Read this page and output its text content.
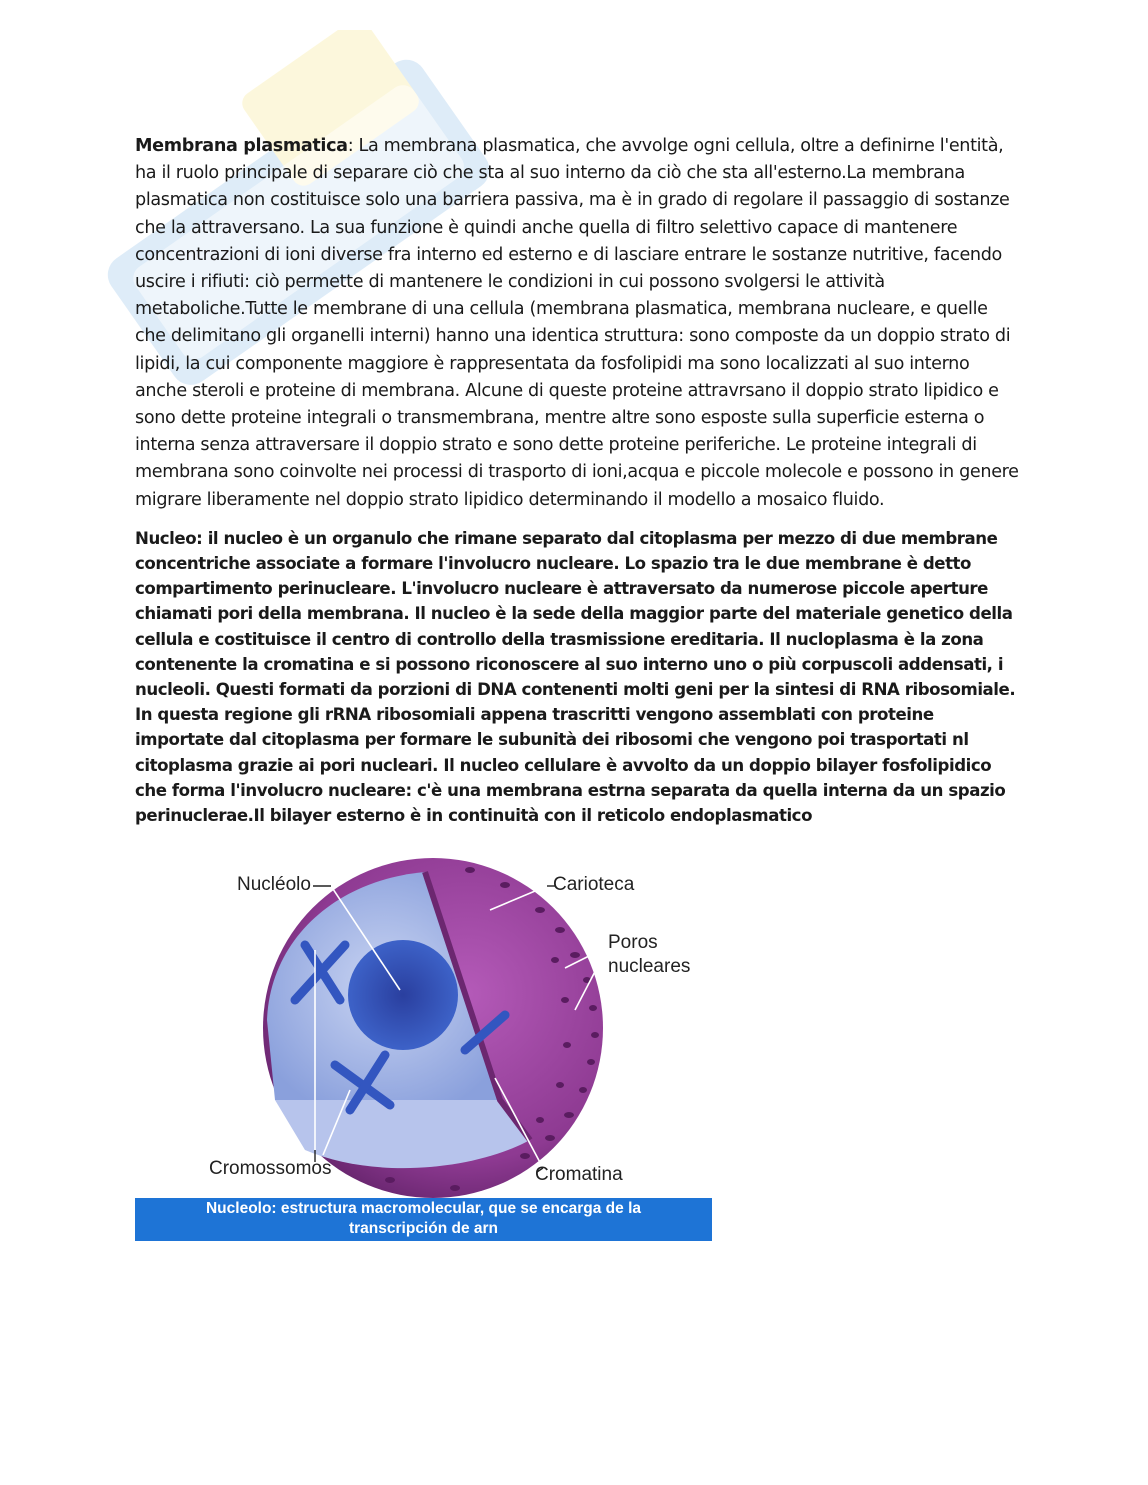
Membrana plasmatica: La membrana plasmatica, che avvolge ogni cellula, oltre a definirne l'entità, ha il ruolo principale di separare ciò che sta al suo interno da ciò che sta all'esterno.La membrana plasmatica non costituisce solo una barriera passiva, ma è in grado di regolare il passaggio di sostanze che la attraversano. La sua funzione è quindi anche quella di filtro selettivo capace di mantenere concentrazioni di ioni diverse fra interno ed esterno e di lasciare entrare le sostanze nutritive, facendo uscire i rifiuti: ciò permette di mantenere le condizioni in cui possono svolgersi le attività metaboliche.Tutte le membrane di una cellula (membrana plasmatica, membrana nucleare, e quelle che delimitano gli organelli interni) hanno una identica struttura: sono composte da un doppio strato di lipidi, la cui componente maggiore è rappresentata da fosfolipidi ma sono localizzati al suo interno anche steroli e proteine di membrana. Alcune di queste proteine attravrsano il doppio strato lipidico e sono dette proteine integrali o transmembrana, mentre altre sono esposte sulla superficie esterna o interna senza attraversare il doppio strato e sono dette proteine periferiche. Le proteine integrali di membrana sono coinvolte nei processi di trasporto di ioni,acqua e piccole molecole e possono in genere migrare liberamente nel doppio strato lipidico determinando il modello a mosaico fluido.

Nucleo: il nucleo è un organulo che rimane separato dal citoplasma per mezzo di due membrane concentriche associate a formare l'involucro nucleare. Lo spazio tra le due membrane è detto compartimento perinucleare. L'involucro nucleare è attraversato da numerose piccole aperture chiamati pori della membrana. Il nucleo è la sede della maggior parte del materiale genetico della cellula e costituisce il centro di controllo della trasmissione ereditaria. Il nucloplasma è la zona contenente la cromatina e si possono riconoscere al suo interno uno o più corpuscoli addensati, i nucleoli. Questi formati da porzioni di DNA contenenti molti geni per la sintesi di RNA ribosomiale. In questa regione gli rRNA ribosomiali appena trascritti vengono assemblati con proteine importate dal citoplasma per formare le subunità dei ribosomi che vengono poi trasportati nl citoplasma grazie ai pori nucleari. Il nucleo cellulare è avvolto da un doppio bilayer fosfolipidico che forma l'involucro nucleare: c'è una membrana estrna separata da quella interna da un spazio perinuclerae.Il bilayer esterno è in continuità con il reticolo endoplasmatico

Nucléolo	Carioteca
Poros
nucleares
Cromossomos	Cromatina
Nucleolo: estructura macromolecular, que se encarga de la
transcripción de arn
